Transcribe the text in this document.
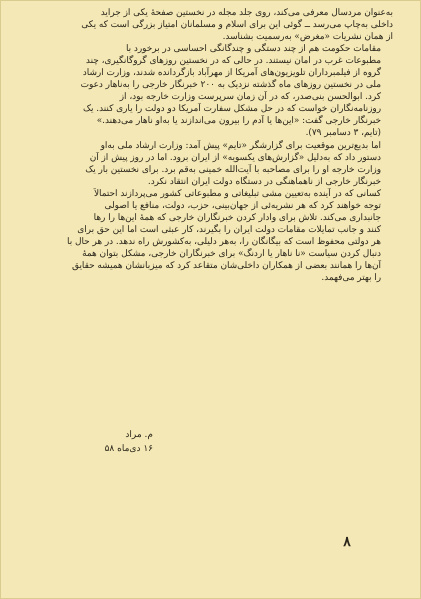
به‌عنوان مردسال معرفی می‌کند، روی جلد مجله در نخستین صفحهٔ یکی از جراید
داخلی به‌چاپ می‌رسد ــ گوئی این برای اسلام و مسلمانان امتیاز بزرگی است که یکی
از همان نشریات «مغرض» به‌رسمیت بشناسد.

مقامات حکومت هم از چند دستگی و چندگانگی احساسی در برخورد با
مطبوعات غرب در امان نیستند. در حالی که در نخستین روزهای گروگانگیری، چند
گروه از فیلمبرداران تلویزیون‌های آمریکا از مهرآباد بازگردانده شدند، وزارت ارشاد
ملی در نخستین روزهای ماه گذشته نزدیک به ۲۰۰ خبرنگار خارجی را به‌ناهار دعوت
کرد. ابوالحسن بنی‌صدر، که در آن زمان سرپرست وزارت خارجه بود، از
روزنامه‌نگاران خواست که در حل مشکل سفارت آمریکا دو دولت را یاری کنند. یک
خبرنگار خارجی گفت: «این‌ها یا آدم را بیرون می‌اندازند یا به‌او ناهار می‌دهند.»
(تایم، ۳ دسامبر ۷۹).

اما بدیع‌ترین موقعیت برای گزارشگر «تایم» پیش آمد: وزارت ارشاد ملی به‌او
دستور داد که به‌دلیل «گزارش‌های یکسویه» از ایران برود. اما در روز پیش از آن
وزارت خارجه او را برای مصاحبه با آیت‌الله خمینی به‌قم برد. برای نخستین بار یک
خبرنگار خارجی از ناهماهنگی در دستگاه دولت ایران انتقاد نکرد.

کسانی که در آینده به‌تعیین مشی تبلیغاتی و مطبوعاتی کشور می‌پردازند احتمالاً
توجه خواهند کرد که هر نشریه‌ئی از جهان‌بینی، حزب، دولت، منافع یا اصولی
جانبداری می‌کند. تلاش برای وادار کردن خبرنگاران خارجی که همهٔ این‌ها را رها
کنند و جانب تمایلات مقامات دولت ایران را بگیرند، کار عبثی است اما این حق برای
هر دولتی محفوظ است که بیگانگان را، به‌هر دلیلی، به‌کشورش راه ندهد. در هر حال با
دنبال کردن سیاست «نا ناهار یا اردنگ» برای خبرنگاران خارجی، مشکل بتوان همهٔ
آن‌ها را همانند بعضی از همکاران داخلی‌شان متقاعد کرد که میزبانشان همیشه حقایق
را بهتر می‌فهمد.

م. مراد
۱۶ دی‌ماه ۵۸
۸
